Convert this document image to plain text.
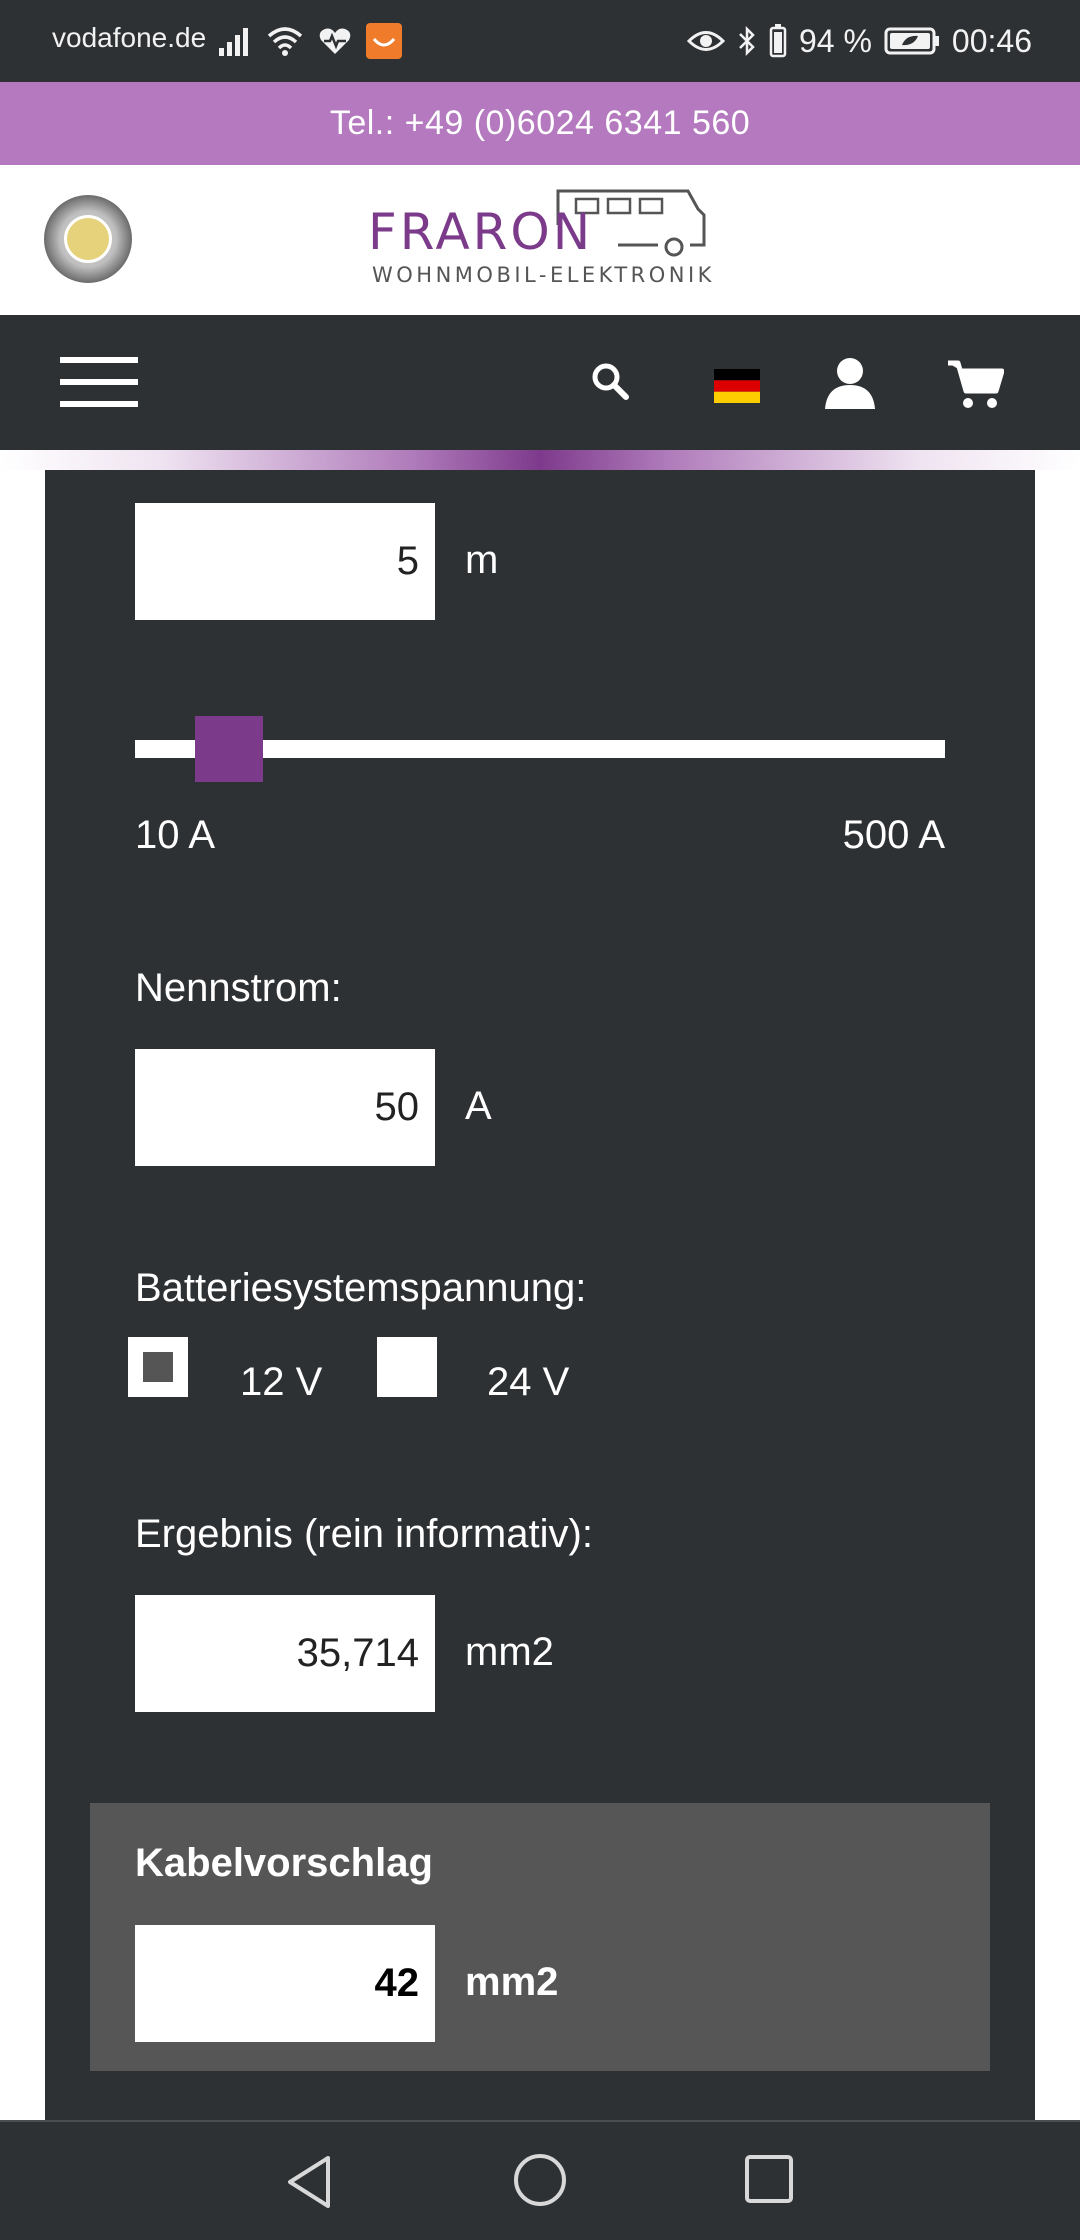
vodafone.de	94 %	00:46
Tel.: +49 (0)6024 6341 560
FRARON
WOHNMOBIL-ELEKTRONIK
5 m
10 A	500 A
Nennstrom:
50 A
Batteriesystemspannung:
12 V	24 V
Ergebnis (rein informativ):
35,714 mm2
Kabelvorschlag
42 mm2
